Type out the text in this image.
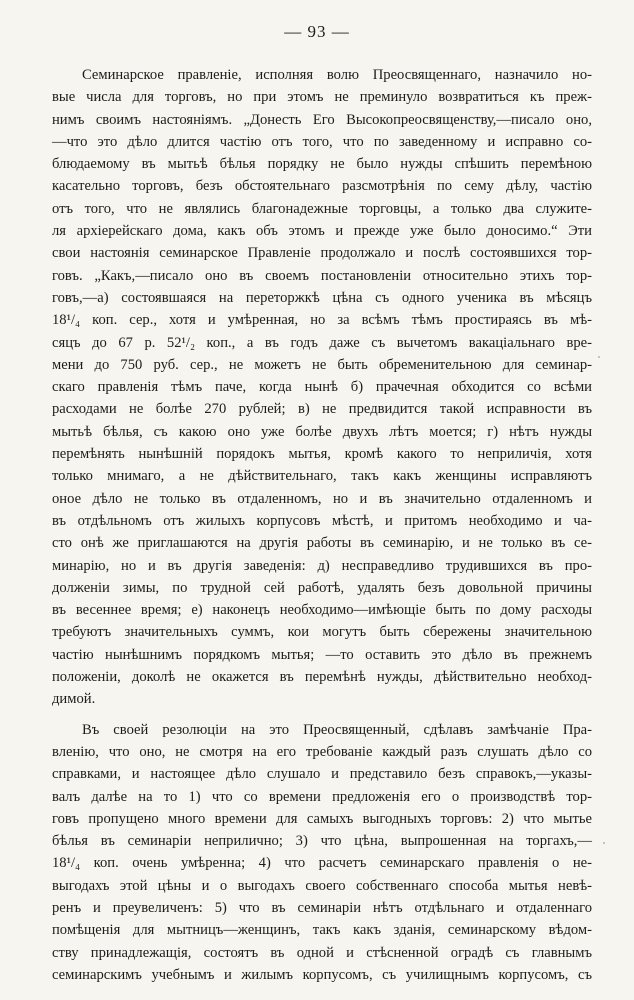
— 93 —
Семинарское правленіе, исполняя волю Преосвященнаго, назначило но-
вые числа для торговъ, но при этомъ не преминуло возвратиться къ преж-
нимъ своимъ настояніямъ. „Донесть Его Высокопреосвященству,—писало оно,
—что это дѣло длится частію отъ того, что по заведенному и исправно со-
блюдаемому въ мытьѣ бѣлья порядку не было нужды спѣшить перемѣною
касательно торговъ, безъ обстоятельнаго разсмотрѣнія по сему дѣлу, частію
отъ того, что не являлись благонадежные торговцы, а только два служите-
ля архіерейскаго дома, какъ объ этомъ и прежде уже было доносимо.“ Эти
свои настоянія семинарское Правленіе продолжало и послѣ состоявшихся тор-
говъ. „Какъ,—писало оно въ своемъ постановленіи относительно этихъ тор-
говъ,—а) состоявшаяся на переторжкѣ цѣна съ одного ученика въ мѣсяцъ
18¹/₄ коп. сер., хотя и умѣренная, но за всѣмъ тѣмъ простираясь въ мѣ-
сяцъ до 67 р. 52¹/₂ коп., а въ годъ даже съ вычетомъ вакаціальнаго вре-
мени до 750 руб. сер., не можетъ не быть обременительною для семинар-
скаго правленія тѣмъ паче, когда нынѣ б) прачечная обходится со всѣми
расходами не болѣе 270 рублей; в) не предвидится такой исправности въ
мытьѣ бѣлья, съ какою оно уже болѣе двухъ лѣтъ моется; г) нѣтъ нужды
перемѣнять нынѣшній порядокъ мытья, кромѣ какого то неприличія, хотя
только мнимаго, а не дѣйствительнаго, такъ какъ женщины исправляютъ
оное дѣло не только въ отдаленномъ, но и въ значительно отдаленномъ и
въ отдѣльномъ отъ жилыхъ корпусовъ мѣстѣ, и притомъ необходимо и ча-
сто онѣ же приглашаются на другія работы въ семинарію, и не только въ се-
минарію, но и въ другія заведенія: д) несправедливо трудившихся въ про-
долженіи зимы, по трудной сей работѣ, удалять безъ довольной причины
въ весеннее время; е) наконецъ необходимо—имѣющіе быть по дому расходы
требуютъ значительныхъ суммъ, кои могутъ быть сбережены значительною
частію нынѣшнимъ порядкомъ мытья; —то оставить это дѣло въ прежнемъ
положеніи, доколѣ не окажется въ перемѣнѣ нужды, дѣйствительно необход-
димой.
Въ своей резолюціи на это Преосвященный, сдѣлавъ замѣчаніе Пра-
вленію, что оно, не смотря на его требованіе каждый разъ слушать дѣло со
справками, и настоящее дѣло слушало и представило безъ справокъ,—указы-
валъ далѣе на то 1) что со времени предложенія его о производствѣ тор-
говъ пропущено много времени для самыхъ выгодныхъ торговъ: 2) что мытье
бѣлья въ семинаріи неприлично; 3) что цѣна, выпрошенная на торгахъ,—
18¹/₄ коп. очень умѣренна; 4) что расчетъ семинарскаго правленія о не-
выгодахъ этой цѣны и о выгодахъ своего собственнаго способа мытья невѣ-
ренъ и преувеличенъ: 5) что въ семинаріи нѣтъ отдѣльнаго и отдаленнаго
помѣщенія для мытницъ—женщинъ, такъ какъ зданія, семинарскому вѣдом-
ству принадлежащія, состоятъ въ одной и стѣсненной оградѣ съ главнымъ
семинарскимъ учебнымъ и жилымъ корпусомъ, съ училищнымъ корпусомъ, съ
